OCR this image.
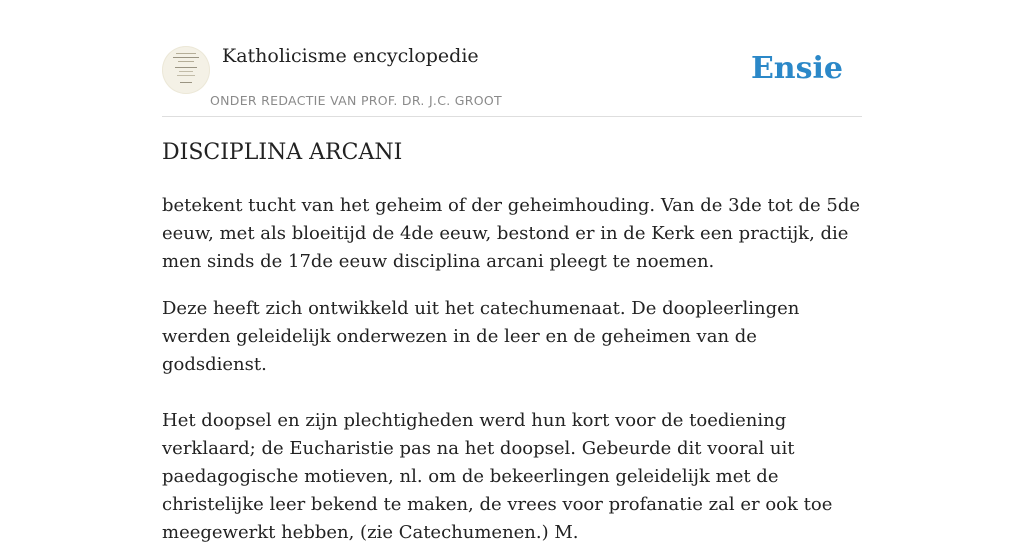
Katholicisme encyclopedie
ONDER REDACTIE VAN PROF. DR. J.C. GROOT
Ensie
DISCIPLINA ARCANI

betekent tucht van het geheim of der geheimhouding. Van de 3de tot de 5de eeuw, met als bloeitijd de 4de eeuw, bestond er in de Kerk een practijk, die men sinds de 17de eeuw disciplina arcani pleegt te noemen.

Deze heeft zich ontwikkeld uit het catechumenaat. De doopleerlingen werden geleidelijk onderwezen in de leer en de geheimen van de godsdienst.

Het doopsel en zijn plechtigheden werd hun kort voor de toediening verklaard; de Eucharistie pas na het doopsel. Gebeurde dit vooral uit paedagogische motieven, nl. om de bekeerlingen geleidelijk met de christelijke leer bekend te maken, de vrees voor profanatie zal er ook toe meegewerkt hebben, (zie Catechumenen.) M.
